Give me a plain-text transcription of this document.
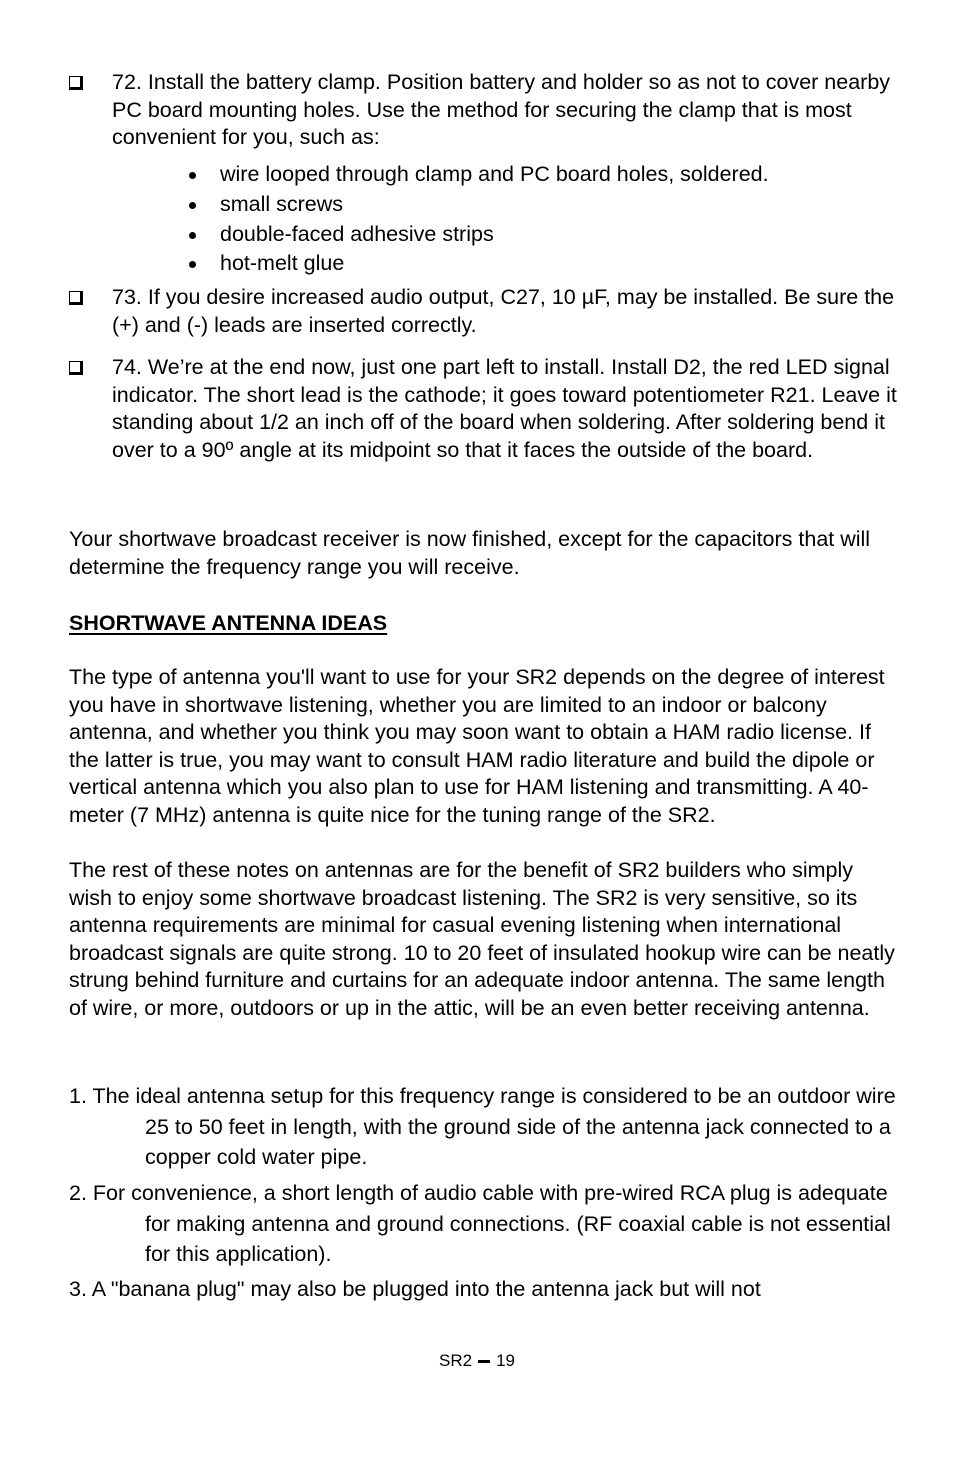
72. Install the battery clamp. Position battery and holder so as not to cover nearby PC board mounting holes. Use the method for securing the clamp that is most convenient for you, such as:

wire looped through clamp and PC board holes, soldered.
small screws
double-faced adhesive strips
hot-melt glue

73. If you desire increased audio output, C27, 10 µF, may be installed. Be sure the (+) and (-) leads are inserted correctly.

74. We’re at the end now, just one part left to install. Install D2, the red LED signal indicator. The short lead is the cathode; it goes toward potentiometer R21. Leave it standing about 1/2 an inch off of the board when soldering. After soldering bend it over to a 90º angle at its midpoint so that it faces the outside of the board.

Your shortwave broadcast receiver is now finished, except for the capacitors that will determine the frequency range you will receive.

SHORTWAVE ANTENNA IDEAS

The type of antenna you'll want to use for your SR2 depends on the degree of interest you have in shortwave listening, whether you are limited to an indoor or balcony antenna, and whether you think you may soon want to obtain a HAM radio license. If the latter is true, you may want to consult HAM radio literature and build the dipole or vertical antenna which you also plan to use for HAM listening and transmitting. A 40-meter (7 MHz) antenna is quite nice for the tuning range of the SR2.

The rest of these notes on antennas are for the benefit of SR2 builders who simply wish to enjoy some shortwave broadcast listening. The SR2 is very sensitive, so its antenna requirements are minimal for casual evening listening when international broadcast signals are quite strong. 10 to 20 feet of insulated hookup wire can be neatly strung behind furniture and curtains for an adequate indoor antenna. The same length of wire, or more, outdoors or up in the attic, will be an even better receiving antenna.

1. The ideal antenna setup for this frequency range is considered to be an outdoor wire 25 to 50 feet in length, with the ground side of the antenna jack connected to a copper cold water pipe.

2. For convenience, a short length of audio cable with pre-wired RCA plug is adequate for making antenna and ground connections. (RF coaxial cable is not essential for this application).

3. A "banana plug" may also be plugged into the antenna jack but will not

SR2 19
